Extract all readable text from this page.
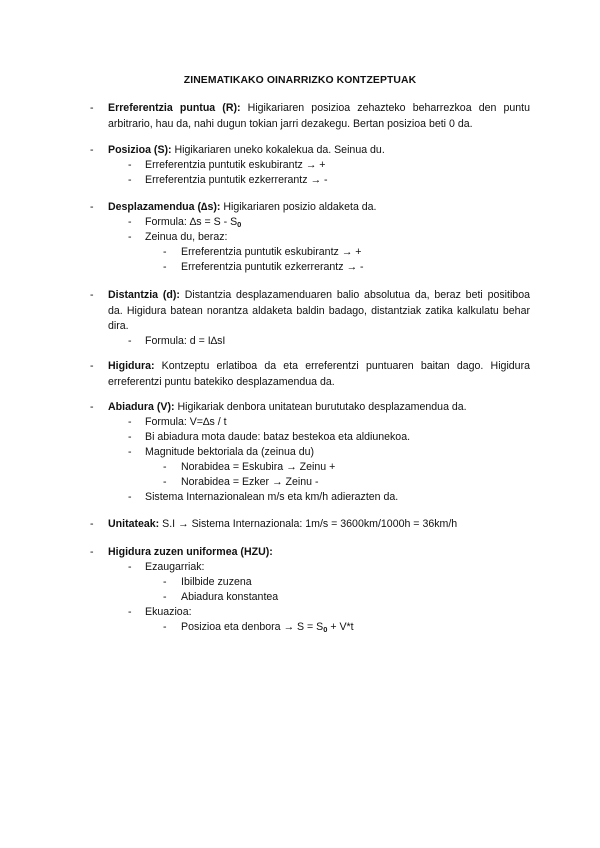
ZINEMATIKAKO OINARRIZKO KONTZEPTUAK
- Erreferentzia puntua (R): Higikariaren posizioa zehazteko beharrezkoa den puntu arbitrario, hau da, nahi dugun tokian jarri dezakegu. Bertan posizioa beti 0 da.
- Posizioa (S): Higikariaren uneko kokalekua da. Seinua du.
- Erreferentzia puntutik eskubirantz → +
- Erreferentzia puntutik ezkerrerantz → -
- Desplazamendua (∆s): Higikariaren posizio aldaketa da.
- Formula: $\Delta s = S - S_0$
- Zeinua du, beraz:
- Erreferentzia puntutik eskubirantz → +
- Erreferentzia puntutik ezkerrerantz → -
- Distantzia (d): Distantzia desplazamenduaren balio absolutua da, beraz beti positiboa da. Higidura batean norantza aldaketa baldin badago, distantziak zatika kalkulatu behar dira.
- Formula: d = I∆sI
- Higidura: Kontzeptu erlatiboa da eta erreferentzi puntuaren baitan dago. Higidura erreferentzi puntu batekiko desplazamendua da.
- Abiadura (V): Higikariak denbora unitatean burututako desplazamendua da.
- Formula: V=∆s / t
- Bi abiadura mota daude: bataz bestekoa eta aldiunekoa.
- Magnitude bektoriala da (zeinua du)
- Norabidea = Eskubira → Zeinu +
- Norabidea = Ezker → Zeinu -
- Sistema Internazionalean m/s eta km/h adierazten da.
- Unitateak: S.I → Sistema Internazionala: 1m/s = 3600km/1000h = 36km/h
- Higidura zuzen uniformea (HZU):
- Ezaugarriak:
- Ibilbide zuzena
- Abiadura konstantea
- Ekuazioa:
- Posizioa eta denbora → $S = S_0 + V*t$
